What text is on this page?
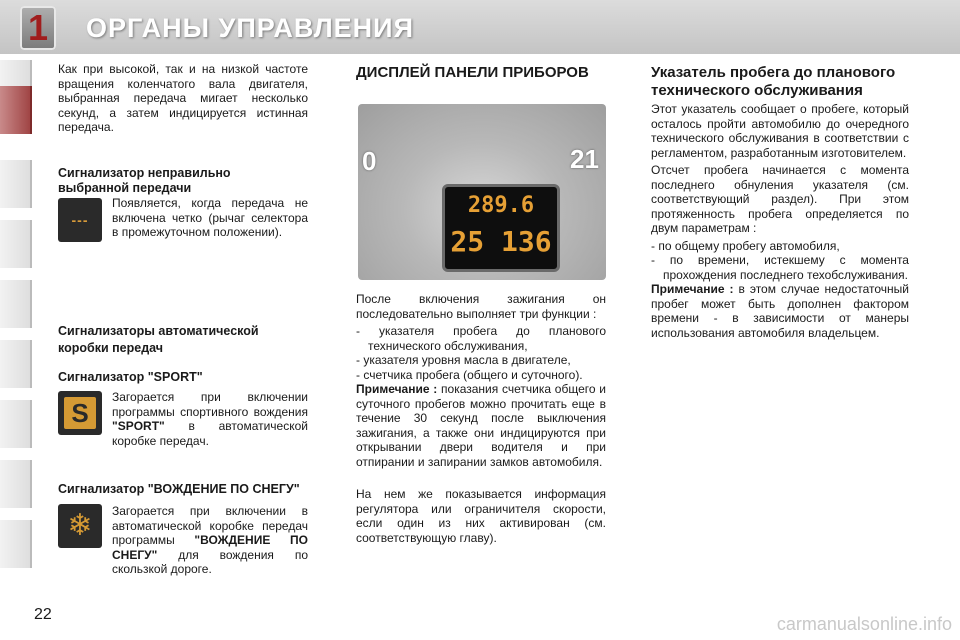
1 ОРГАНЫ УПРАВЛЕНИЯ

Как при высокой, так и на низкой частоте вращения коленчатого вала двигателя, выбранная передача мигает несколько секунд, а затем индицируется истинная передача.

Сигнализатор неправильно
выбранной передачи
---

Появляется, когда передача не включена четко (рычаг селектора в промежуточном положении).

Сигнализаторы автоматической
коробки передач
Сигнализатор "SPORT"
S

Загорается при включении программы спортивного вождения "SPORT" в автоматической коробке передач.

Сигнализатор "ВОЖДЕНИЕ ПО СНЕГУ"
❄ Загорается при включении в автоматической коробке передач программы "ВОЖДЕНИЕ ПО СНЕГУ" для вождения по скользкой дороге.

ДИСПЛЕЙ ПАНЕЛИ ПРИБОРОВ
0	21
289.6
25 136

После включения зажигания он последовательно выполняет три функции :

- указателя пробега до планового технического обслуживания,
- указателя уровня масла в двигателе,
- счетчика пробега (общего и суточного).

Примечание : показания счетчика общего и суточного пробегов можно прочитать еще в течение 30 секунд после выключения зажигания, а также они индицируются при открывании двери водителя и при отпирании и запирании замков автомобиля.

На нем же показывается информация регулятора или ограничителя скорости, если один из них активирован (см. соответствующую главу).

Указатель пробега до планового технического обслуживания

Этот указатель сообщает о пробеге, который осталось пройти автомобилю до очередного технического обслуживания в соответствии с регламентом, разработанным изготовителем.

Отсчет пробега начинается с момента последнего обнуления указателя (см. соответствующий раздел). При этом протяженность пробега определяется по двум параметрам :

- по общему пробегу автомобиля,
- по времени, истекшему с момента прохождения последнего техобслуживания.

Примечание : в этом случае недостаточный пробег может быть дополнен фактором времени - в зависимости от манеры использования автомобиля владельцем.

22	carmanualsonline.info
